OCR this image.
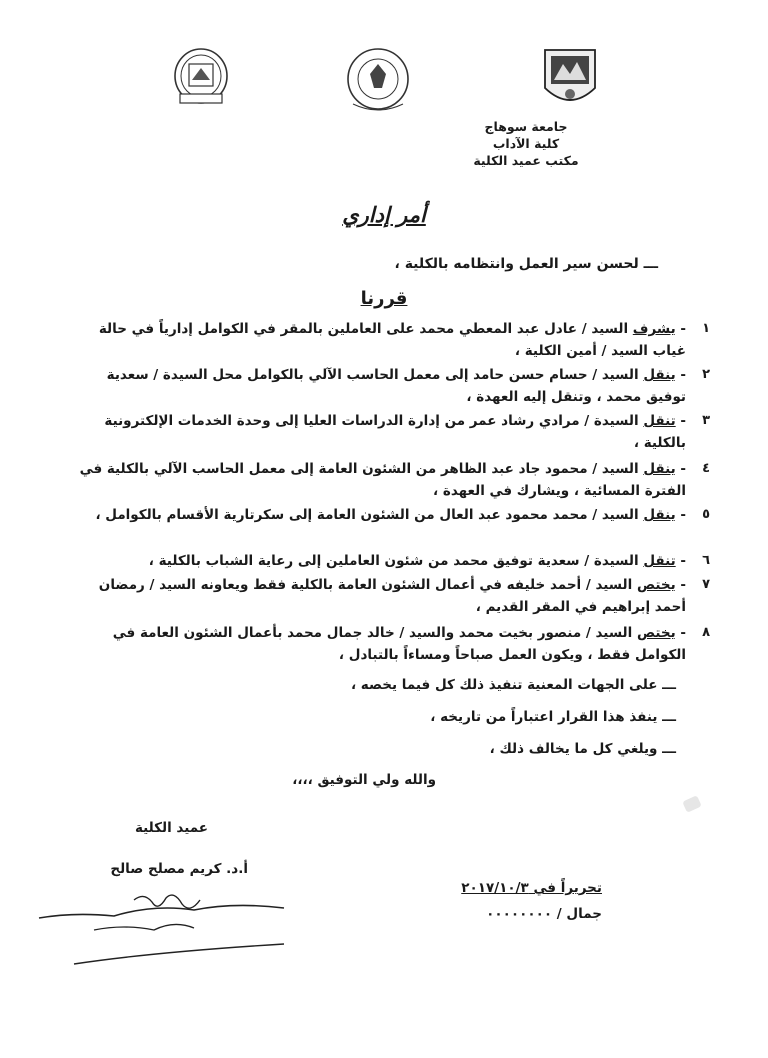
جامعة سوهاج
كلية الآداب
مكتب عميد الكلية
أمر إداري
ـــ لحسن سير العمل وانتظامه بالكلية ،
قررنا
١
- يشرف السيد / عادل عبد المعطي محمد على العاملين بالمقر في الكوامل إدارياً في حالة غياب السيد / أمين الكلية ،
٢
- ينقل السيد / حسام حسن حامد إلى معمل الحاسب الآلي بالكوامل محل السيدة / سعدية توفيق محمد ، وتنقل إليه العهدة ،
٣
- تنقل السيدة / مرادي رشاد عمر من إدارة الدراسات العليا إلى وحدة الخدمات الإلكترونية بالكلية ،
٤
- ينقل السيد / محمود جاد عبد الظاهر من الشئون العامة إلى معمل الحاسب الآلي بالكلية في الفترة المسائية ، ويشارك في العهدة ،
٥
- ينقل السيد / محمد محمود عبد العال من الشئون العامة إلى سكرتارية الأقسام بالكوامل ،
٦
- تنقل السيدة / سعدية توفيق محمد من شئون العاملين إلى رعاية الشباب بالكلية ،
٧
- يختص السيد / أحمد خليفه في أعمال الشئون العامة بالكلية فقط ويعاونه السيد / رمضان أحمد إبراهيم في المقر القديم ،
٨
- يختص السيد / منصور بخيت محمد والسيد / خالد جمال محمد بأعمال الشئون العامة في الكوامل فقط ، ويكون العمل صباحاً ومساءاً بالتبادل ،
ـــ على الجهات المعنية تنفيذ ذلك كل فيما يخصه ،
ـــ ينفذ هذا القرار اعتباراً من تاريخه ،
ـــ ويلغي كل ما يخالف ذلك ،
والله ولي التوفيق ،،،،
عميد الكلية
أ.د. كريم مصلح صالح
تحريراً في ٢٠١٧/١٠/٣
جمال / ٠٠٠٠٠٠٠٠
